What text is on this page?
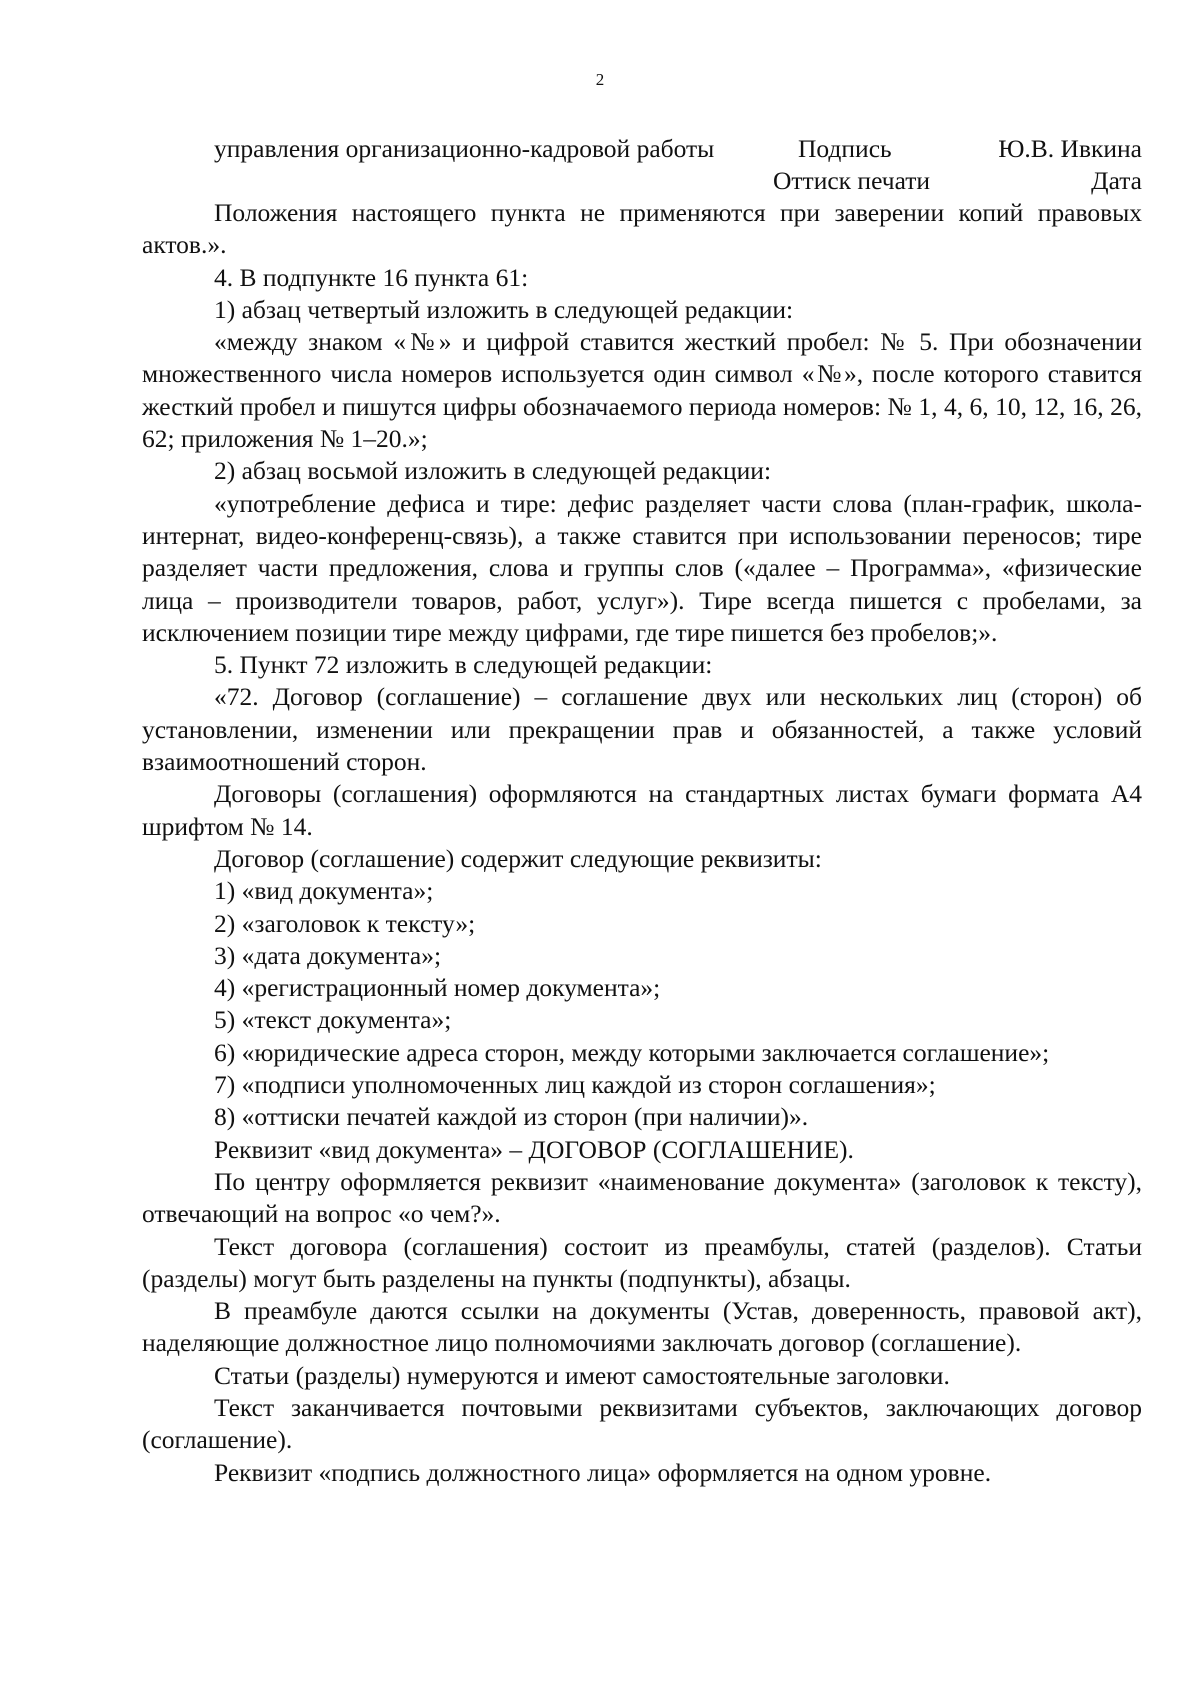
2
управления организационно-кадровой работы	Подпись	Ю.В. Ивкина
Оттиск печати	Дата

Положения настоящего пункта не применяются при заверении копий правовых актов.».

4. В подпункте 16 пункта 61:

1) абзац четвертый изложить в следующей редакции:

«между знаком «№» и цифрой ставится жесткий пробел: № 5. При обозначении множественного числа номеров используется один символ «№», после которого ставится жесткий пробел и пишутся цифры обозначаемого периода номеров: № 1, 4, 6, 10, 12, 16, 26, 62; приложения № 1–20.»;

2) абзац восьмой изложить в следующей редакции:

«употребление дефиса и тире: дефис разделяет части слова (план-график, школа-интернат, видео-конференц-связь), а также ставится при использовании переносов; тире разделяет части предложения, слова и группы слов («далее – Программа», «физические лица – производители товаров, работ, услуг»). Тире всегда пишется с пробелами, за исключением позиции тире между цифрами, где тире пишется без пробелов;».

5. Пункт 72 изложить в следующей редакции:

«72. Договор (соглашение) – соглашение двух или нескольких лиц (сторон) об установлении, изменении или прекращении прав и обязанностей, а также условий взаимоотношений сторон.

Договоры (соглашения) оформляются на стандартных листах бумаги формата А4 шрифтом № 14.

Договор (соглашение) содержит следующие реквизиты:

1) «вид документа»;

2) «заголовок к тексту»;

3) «дата документа»;

4) «регистрационный номер документа»;

5) «текст документа»;

6) «юридические адреса сторон, между которыми заключается соглашение»;

7) «подписи уполномоченных лиц каждой из сторон соглашения»;

8) «оттиски печатей каждой из сторон (при наличии)».

Реквизит «вид документа» – ДОГОВОР (СОГЛАШЕНИЕ).

По центру оформляется реквизит «наименование документа» (заголовок к тексту), отвечающий на вопрос «о чем?».

Текст договора (соглашения) состоит из преамбулы, статей (разделов). Статьи (разделы) могут быть разделены на пункты (подпункты), абзацы.

В преамбуле даются ссылки на документы (Устав, доверенность, правовой акт), наделяющие должностное лицо полномочиями заключать договор (соглашение).

Статьи (разделы) нумеруются и имеют самостоятельные заголовки.

Текст заканчивается почтовыми реквизитами субъектов, заключающих договор (соглашение).

Реквизит «подпись должностного лица» оформляется на одном уровне.
